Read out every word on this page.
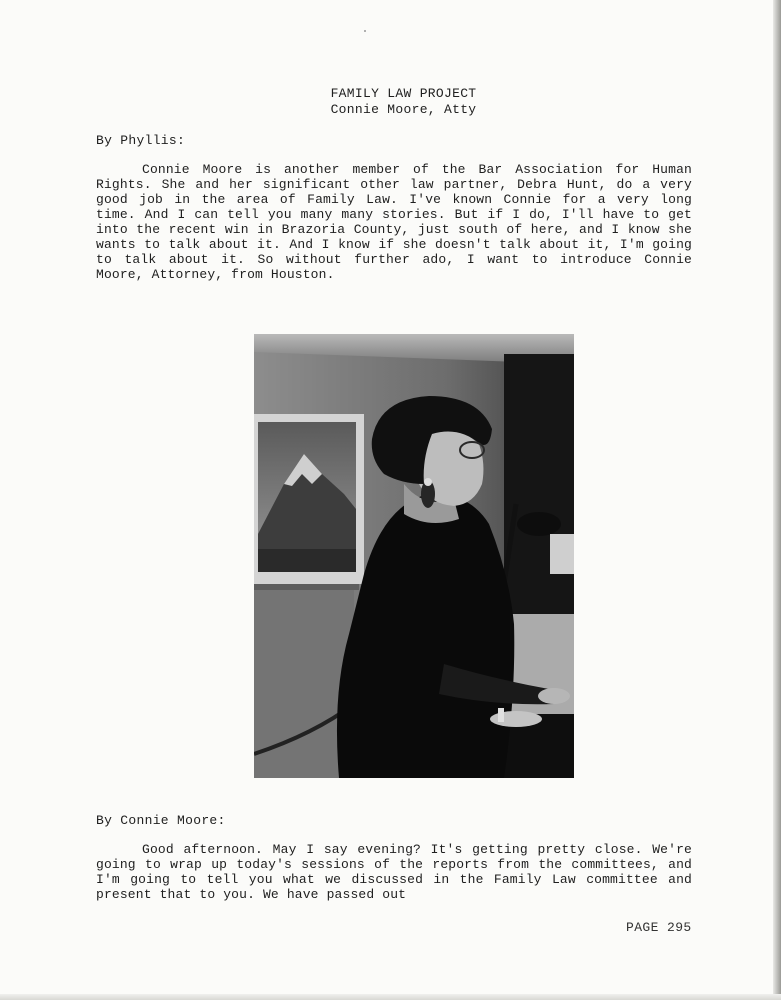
FAMILY LAW PROJECT
Connie Moore, Atty
By Phyllis:

Connie Moore is another member of the Bar Association for Human Rights. She and her significant other law partner, Debra Hunt, do a very good job in the area of Family Law. I've known Connie for a very long time. And I can tell you many many stories. But if I do, I'll have to get into the recent win in Brazoria County, just south of here, and I know she wants to talk about it. And I know if she doesn't talk about it, I'm going to talk about it. So without further ado, I want to introduce Connie Moore, Attorney, from Houston.

By Connie Moore:

Good afternoon. May I say evening? It's getting pretty close. We're going to wrap up today's sessions of the reports from the committees, and I'm going to tell you what we discussed in the Family Law committee and present that to you. We have passed out

PAGE 295
